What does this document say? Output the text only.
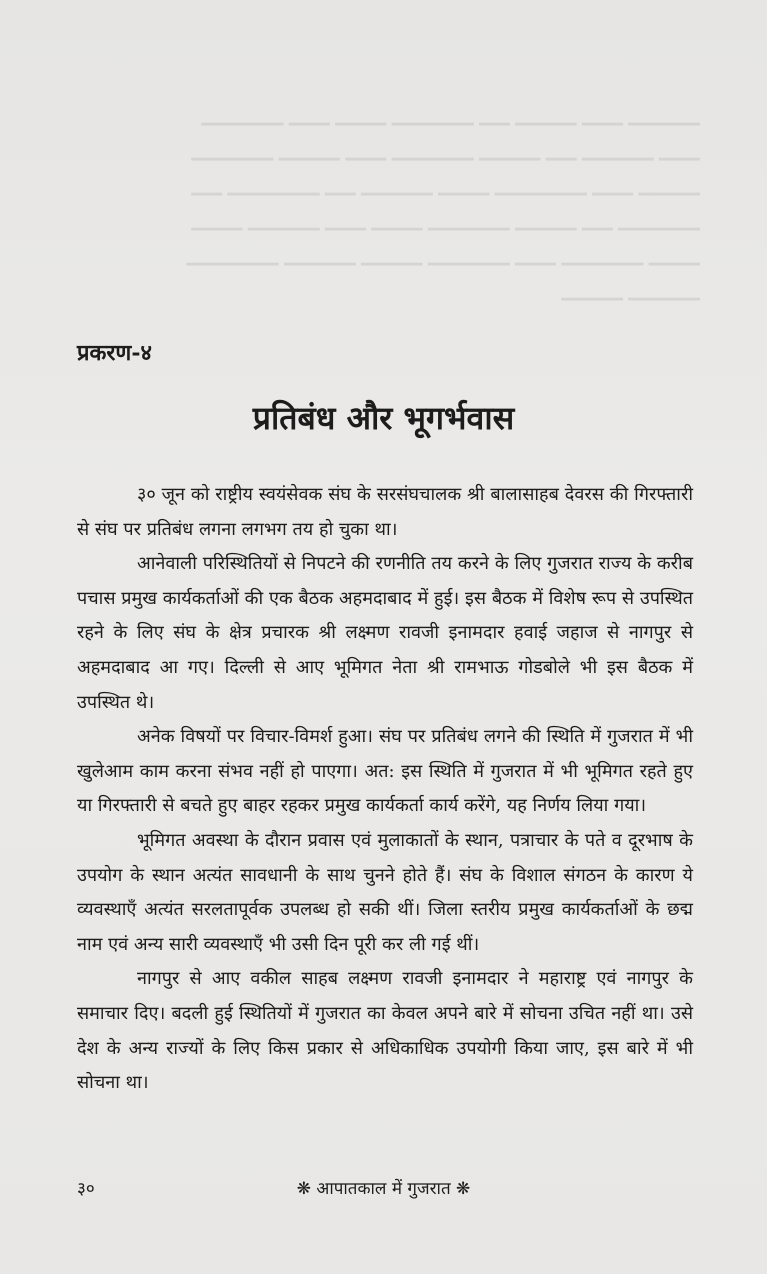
━━━━━━━ ━━━━ ━━━━━━ ━━━ ━━━━━━━━ ━━━━━ ━━━━ ━━━━━━━━
━━━━ ━━━━━━━ ━━━ ━━━━━━ ━━━━━━━━ ━━━━ ━━━━━━ ━━━━━━━━
━━━━━━ ━━━━ ━━━━━━━━━ ━━━━━ ━━━━━━━ ━━━ ━━━━━━━━━ ━━━
━━━━━━━━ ━━━ ━━━━━━ ━━━━━━━━ ━━━━━ ━━━━ ━━━━━━━ ━━━━━
━━━━━ ━━━━━━━━ ━━━━ ━━━━━━━━ ━━━━━━ ━━━━━━━ ━━━━━━━━━
━━━━━━━ ━━━━━━
प्रकरण-४
प्रतिबंध और भूगर्भवास

३० जून को राष्ट्रीय स्वयंसेवक संघ के सरसंघचालक श्री बालासाहब देवरस की गिरफ्तारी से संघ पर प्रतिबंध लगना लगभग तय हो चुका था।

आनेवाली परिस्थितियों से निपटने की रणनीति तय करने के लिए गुजरात राज्य के करीब पचास प्रमुख कार्यकर्ताओं की एक बैठक अहमदाबाद में हुई। इस बैठक में विशेष रूप से उपस्थित रहने के लिए संघ के क्षेत्र प्रचारक श्री लक्ष्मण रावजी इनामदार हवाई जहाज से नागपुर से अहमदाबाद आ गए। दिल्ली से आए भूमिगत नेता श्री रामभाऊ गोडबोले भी इस बैठक में उपस्थित थे।

अनेक विषयों पर विचार-विमर्श हुआ। संघ पर प्रतिबंध लगने की स्थिति में गुजरात में भी खुलेआम काम करना संभव नहीं हो पाएगा। अत: इस स्थिति में गुजरात में भी भूमिगत रहते हुए या गिरफ्तारी से बचते हुए बाहर रहकर प्रमुख कार्यकर्ता कार्य करेंगे, यह निर्णय लिया गया।

भूमिगत अवस्था के दौरान प्रवास एवं मुलाकातों के स्थान, पत्राचार के पते व दूरभाष के उपयोग के स्थान अत्यंत सावधानी के साथ चुनने होते हैं। संघ के विशाल संगठन के कारण ये व्यवस्थाएँ अत्यंत सरलतापूर्वक उपलब्ध हो सकी थीं। जिला स्तरीय प्रमुख कार्यकर्ताओं के छद्म नाम एवं अन्य सारी व्यवस्थाएँ भी उसी दिन पूरी कर ली गई थीं।

नागपुर से आए वकील साहब लक्ष्मण रावजी इनामदार ने महाराष्ट्र एवं नागपुर के समाचार दिए। बदली हुई स्थितियों में गुजरात का केवल अपने बारे में सोचना उचित नहीं था। उसे देश के अन्य राज्यों के लिए किस प्रकार से अधिकाधिक उपयोगी किया जाए, इस बारे में भी सोचना था।

३०	❋ आपातकाल में गुजरात ❋
